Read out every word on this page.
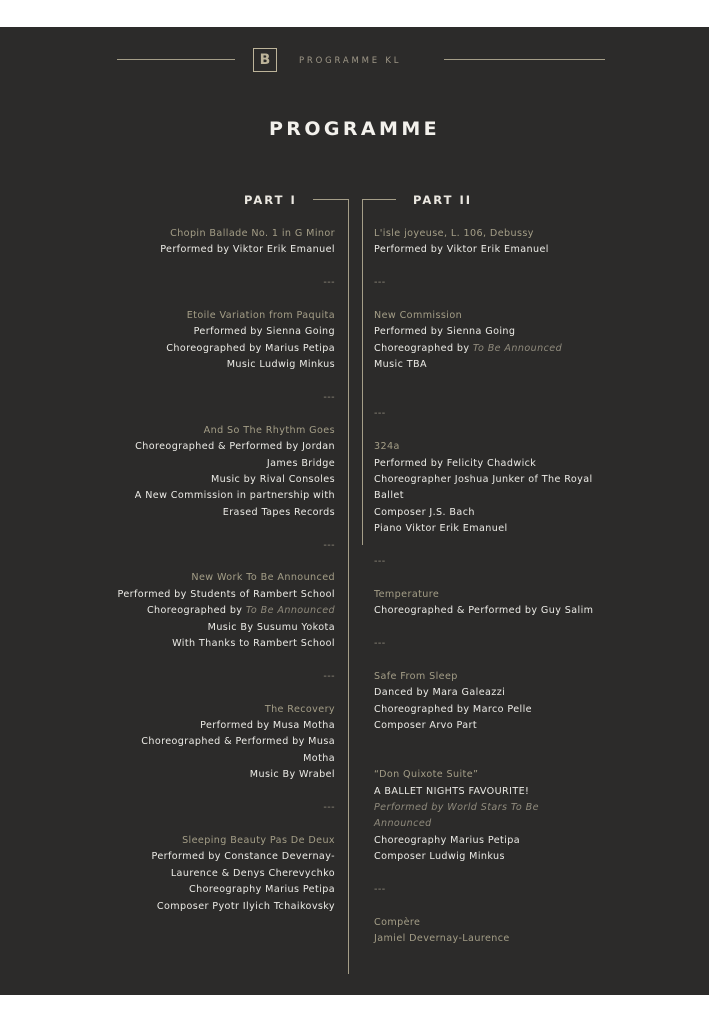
B	PROGRAMME KL
PROGRAMME
PART I	PART II
Chopin Ballade No. 1 in G Minor
Performed by Viktor Erik Emanuel
---
Etoile Variation from Paquita
Performed by Sienna Going
Choreographed by Marius Petipa
Music Ludwig Minkus
---
And So The Rhythm Goes
Choreographed & Performed by Jordan
James Bridge
Music by Rival Consoles
A New Commission in partnership with
Erased Tapes Records
---
New Work To Be Announced
Performed by Students of Rambert School
Choreographed by To Be Announced
Music By Susumu Yokota
With Thanks to Rambert School
---
The Recovery
Performed by Musa Motha
Choreographed & Performed by Musa
Motha
Music By Wrabel
---
Sleeping Beauty Pas De Deux
Performed by Constance Devernay-
Laurence & Denys Cherevychko
Choreography Marius Petipa
Composer Pyotr Ilyich Tchaikovsky
L'isle joyeuse, L. 106, Debussy
Performed by Viktor Erik Emanuel
---
New Commission
Performed by Sienna Going
Choreographed by To Be Announced
Music TBA
---
324a
Performed by Felicity Chadwick
Choreographer Joshua Junker of The Royal
Ballet
Composer J.S. Bach
Piano Viktor Erik Emanuel
---
Temperature
Choreographed & Performed by Guy Salim
---
Safe From Sleep
Danced by Mara Galeazzi
Choreographed by Marco Pelle
Composer Arvo Part
“Don Quixote Suite”
A BALLET NIGHTS FAVOURITE!
Performed by World Stars To Be
Announced
Choreography Marius Petipa
Composer Ludwig Minkus
---
Compère
Jamiel Devernay-Laurence
